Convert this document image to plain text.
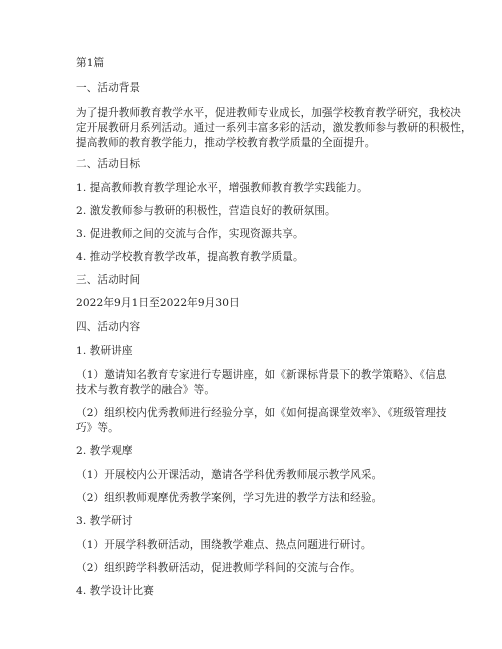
第1篇
一、活动背景
为了提升教师教育教学水平，促进教师专业成长，加强学校教育教学研究，我校决
定开展教研月系列活动。通过一系列丰富多彩的活动，激发教师参与教研的积极性，
提高教师的教育教学能力，推动学校教育教学质量的全面提升。
二、活动目标
1. 提高教师教育教学理论水平，增强教师教育教学实践能力。
2. 激发教师参与教研的积极性，营造良好的教研氛围。
3. 促进教师之间的交流与合作，实现资源共享。
4. 推动学校教育教学改革，提高教育教学质量。
三、活动时间
2022年9月1日至2022年9月30日
四、活动内容
1. 教研讲座
（1）邀请知名教育专家进行专题讲座，如《新课标背景下的教学策略》、《信息
技术与教育教学的融合》等。
（2）组织校内优秀教师进行经验分享，如《如何提高课堂效率》、《班级管理技
巧》等。
2. 教学观摩
（1）开展校内公开课活动，邀请各学科优秀教师展示教学风采。
（2）组织教师观摩优秀教学案例，学习先进的教学方法和经验。
3. 教学研讨
（1）开展学科教研活动，围绕教学难点、热点问题进行研讨。
（2）组织跨学科教研活动，促进教师学科间的交流与合作。
4. 教学设计比赛
